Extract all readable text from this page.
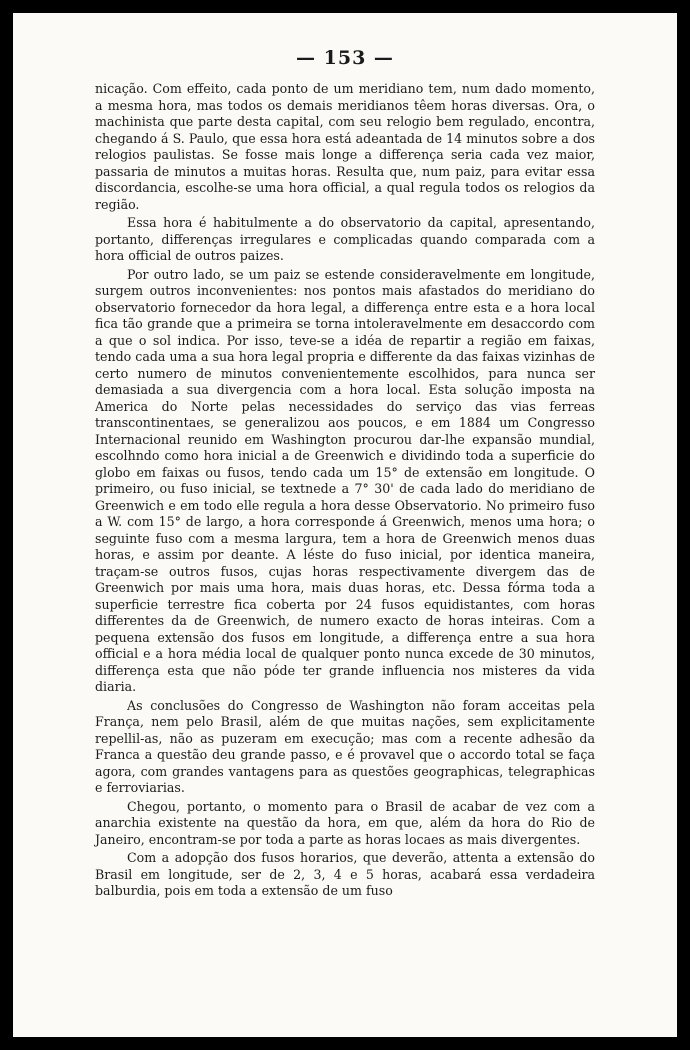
— 153 —

nicação. Com effeito, cada ponto de um meridiano tem, num dado momento, a mesma hora, mas todos os demais meridianos têem horas diversas. Ora, o machinista que parte desta capital, com seu relogio bem regulado, encontra, chegando á S. Paulo, que essa hora está adeantada de 14 minutos sobre a dos relogios paulistas. Se fosse mais longe a differença seria cada vez maior, passaria de minutos a muitas horas. Resulta que, num paiz, para evitar essa discordancia, escolhe-se uma hora official, a qual regula todos os relogios da região.

Essa hora é habitulmente a do observatorio da capital, apresentando, portanto, differenças irregulares e complicadas quando comparada com a hora official de outros paizes.

Por outro lado, se um paiz se estende consideravelmente em longitude, surgem outros inconvenientes: nos pontos mais afastados do meridiano do observatorio fornecedor da hora legal, a differença entre esta e a hora local fica tão grande que a primeira se torna intoleravelmente em desaccordo com a que o sol indica. Por isso, teve-se a idéa de repartir a região em faixas, tendo cada uma a sua hora legal propria e differente da das faixas vizinhas de certo numero de minutos convenientemente escolhidos, para nunca ser demasiada a sua divergencia com a hora local. Esta solução imposta na America do Norte pelas necessidades do serviço das vias ferreas transcontinentaes, se generalizou aos poucos, e em 1884 um Congresso Internacional reunido em Washington procurou dar-lhe expansão mundial, escolhndo como hora inicial a de Greenwich e dividindo toda a superficie do globo em faixas ou fusos, tendo cada um 15° de extensão em longitude. O primeiro, ou fuso inicial, se textnede a 7° 30' de cada lado do meridiano de Greenwich e em todo elle regula a hora desse Observatorio. No primeiro fuso a W. com 15° de largo, a hora corresponde á Greenwich, menos uma hora; o seguinte fuso com a mesma largura, tem a hora de Greenwich menos duas horas, e assim por deante. A léste do fuso inicial, por identica maneira, traçam-se outros fusos, cujas horas respectivamente divergem das de Greenwich por mais uma hora, mais duas horas, etc. Dessa fórma toda a superficie terrestre fica coberta por 24 fusos equidistantes, com horas differentes da de Greenwich, de numero exacto de horas inteiras. Com a pequena extensão dos fusos em longitude, a differença entre a sua hora official e a hora média local de qualquer ponto nunca excede de 30 minutos, differença esta que não póde ter grande influencia nos misteres da vida diaria.

As conclusões do Congresso de Washington não foram acceitas pela França, nem pelo Brasil, além de que muitas nações, sem explicitamente repellil-as, não as puzeram em execução; mas com a recente adhesão da Franca a questão deu grande passo, e é provavel que o accordo total se faça agora, com grandes vantagens para as questões geographicas, telegraphicas e ferroviarias.

Chegou, portanto, o momento para o Brasil de acabar de vez com a anarchia existente na questão da hora, em que, além da hora do Rio de Janeiro, encontram-se por toda a parte as horas locaes as mais divergentes.

Com a adopção dos fusos horarios, que deverão, attenta a extensão do Brasil em longitude, ser de 2, 3, 4 e 5 horas, acabará essa verdadeira balburdia, pois em toda a extensão de um fuso
